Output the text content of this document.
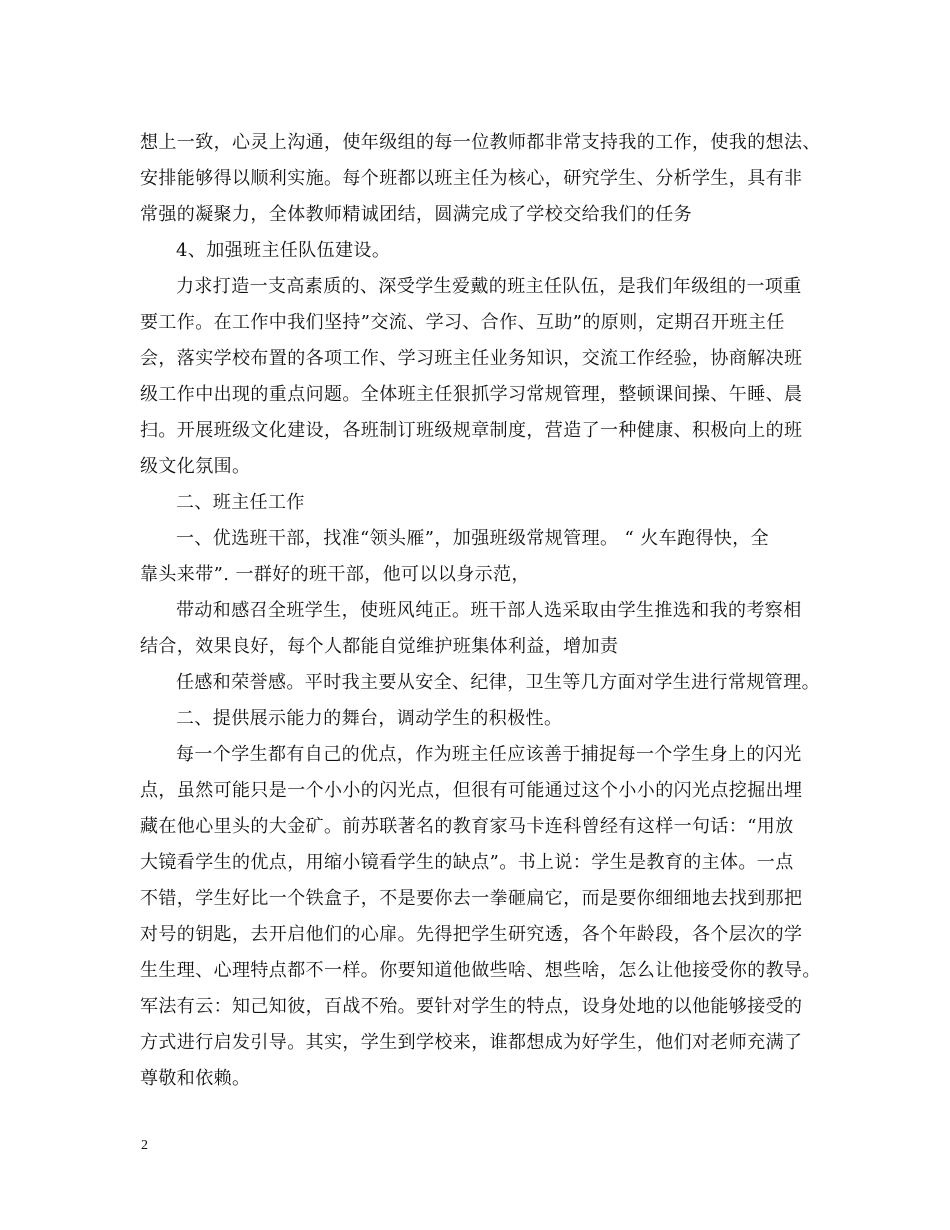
想上一致，心灵上沟通，使年级组的每一位教师都非常支持我的工作，使我的想法、
安排能够得以顺利实施。每个班都以班主任为核心，研究学生、分析学生，具有非
常强的凝聚力，全体教师精诚团结，圆满完成了学校交给我们的任务
4、加强班主任队伍建设。
力求打造一支高素质的、深受学生爱戴的班主任队伍，是我们年级组的一项重
要工作。在工作中我们坚持”交流、学习、合作、互助”的原则，定期召开班主任
会，落实学校布置的各项工作、学习班主任业务知识，交流工作经验，协商解决班
级工作中出现的重点问题。全体班主任狠抓学习常规管理，整顿课间操、午睡、晨
扫。开展班级文化建设，各班制订班级规章制度，营造了一种健康、积极向上的班
级文化氛围。
二、班主任工作
一、优选班干部，找准“领头雁”，加强班级常规管理。 “ 火车跑得快，全
靠头来带”. 一群好的班干部，他可以以身示范，
带动和感召全班学生，使班风纯正。班干部人选采取由学生推选和我的考察相
结合，效果良好，每个人都能自觉维护班集体利益，增加责
任感和荣誉感。平时我主要从安全、纪律，卫生等几方面对学生进行常规管理。
二、提供展示能力的舞台，调动学生的积极性。
每一个学生都有自己的优点，作为班主任应该善于捕捉每一个学生身上的闪光
点，虽然可能只是一个小小的闪光点，但很有可能通过这个小小的闪光点挖掘出埋
藏在他心里头的大金矿。前苏联著名的教育家马卡连科曾经有这样一句话：“用放
大镜看学生的优点，用缩小镜看学生的缺点”。书上说：学生是教育的主体。一点
不错，学生好比一个铁盒子，不是要你去一拳砸扁它，而是要你细细地去找到那把
对号的钥匙，去开启他们的心扉。先得把学生研究透，各个年龄段，各个层次的学
生生理、心理特点都不一样。你要知道他做些啥、想些啥，怎么让他接受你的教导。
军法有云：知己知彼，百战不殆。要针对学生的特点，设身处地的以他能够接受的
方式进行启发引导。其实，学生到学校来，谁都想成为好学生，他们对老师充满了
尊敬和依赖。
2
